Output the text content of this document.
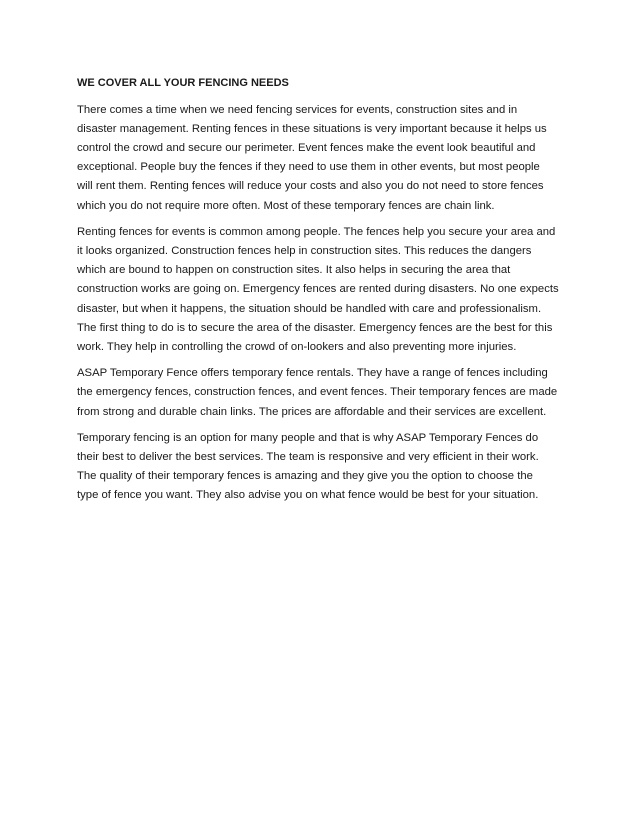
WE COVER ALL YOUR FENCING NEEDS
There comes a time when we need fencing services for events, construction sites and in
disaster management. Renting fences in these situations is very important because it helps us
control the crowd and secure our perimeter. Event fences make the event look beautiful and
exceptional. People buy the fences if they need to use them in other events, but most people
will rent them. Renting fences will reduce your costs and also you do not need to store fences
which you do not require more often. Most of these temporary fences are chain link.
Renting fences for events is common among people. The fences help you secure your area and
it looks organized. Construction fences help in construction sites. This reduces the dangers
which are bound to happen on construction sites. It also helps in securing the area that
construction works are going on. Emergency fences are rented during disasters. No one expects
disaster, but when it happens, the situation should be handled with care and professionalism.
The first thing to do is to secure the area of the disaster. Emergency fences are the best for this
work. They help in controlling the crowd of on-lookers and also preventing more injuries.
ASAP Temporary Fence offers temporary fence rentals. They have a range of fences including
the emergency fences, construction fences, and event fences. Their temporary fences are made
from strong and durable chain links. The prices are affordable and their services are excellent.
Temporary fencing is an option for many people and that is why ASAP Temporary Fences do
their best to deliver the best services. The team is responsive and very efficient in their work.
The quality of their temporary fences is amazing and they give you the option to choose the
type of fence you want. They also advise you on what fence would be best for your situation.
